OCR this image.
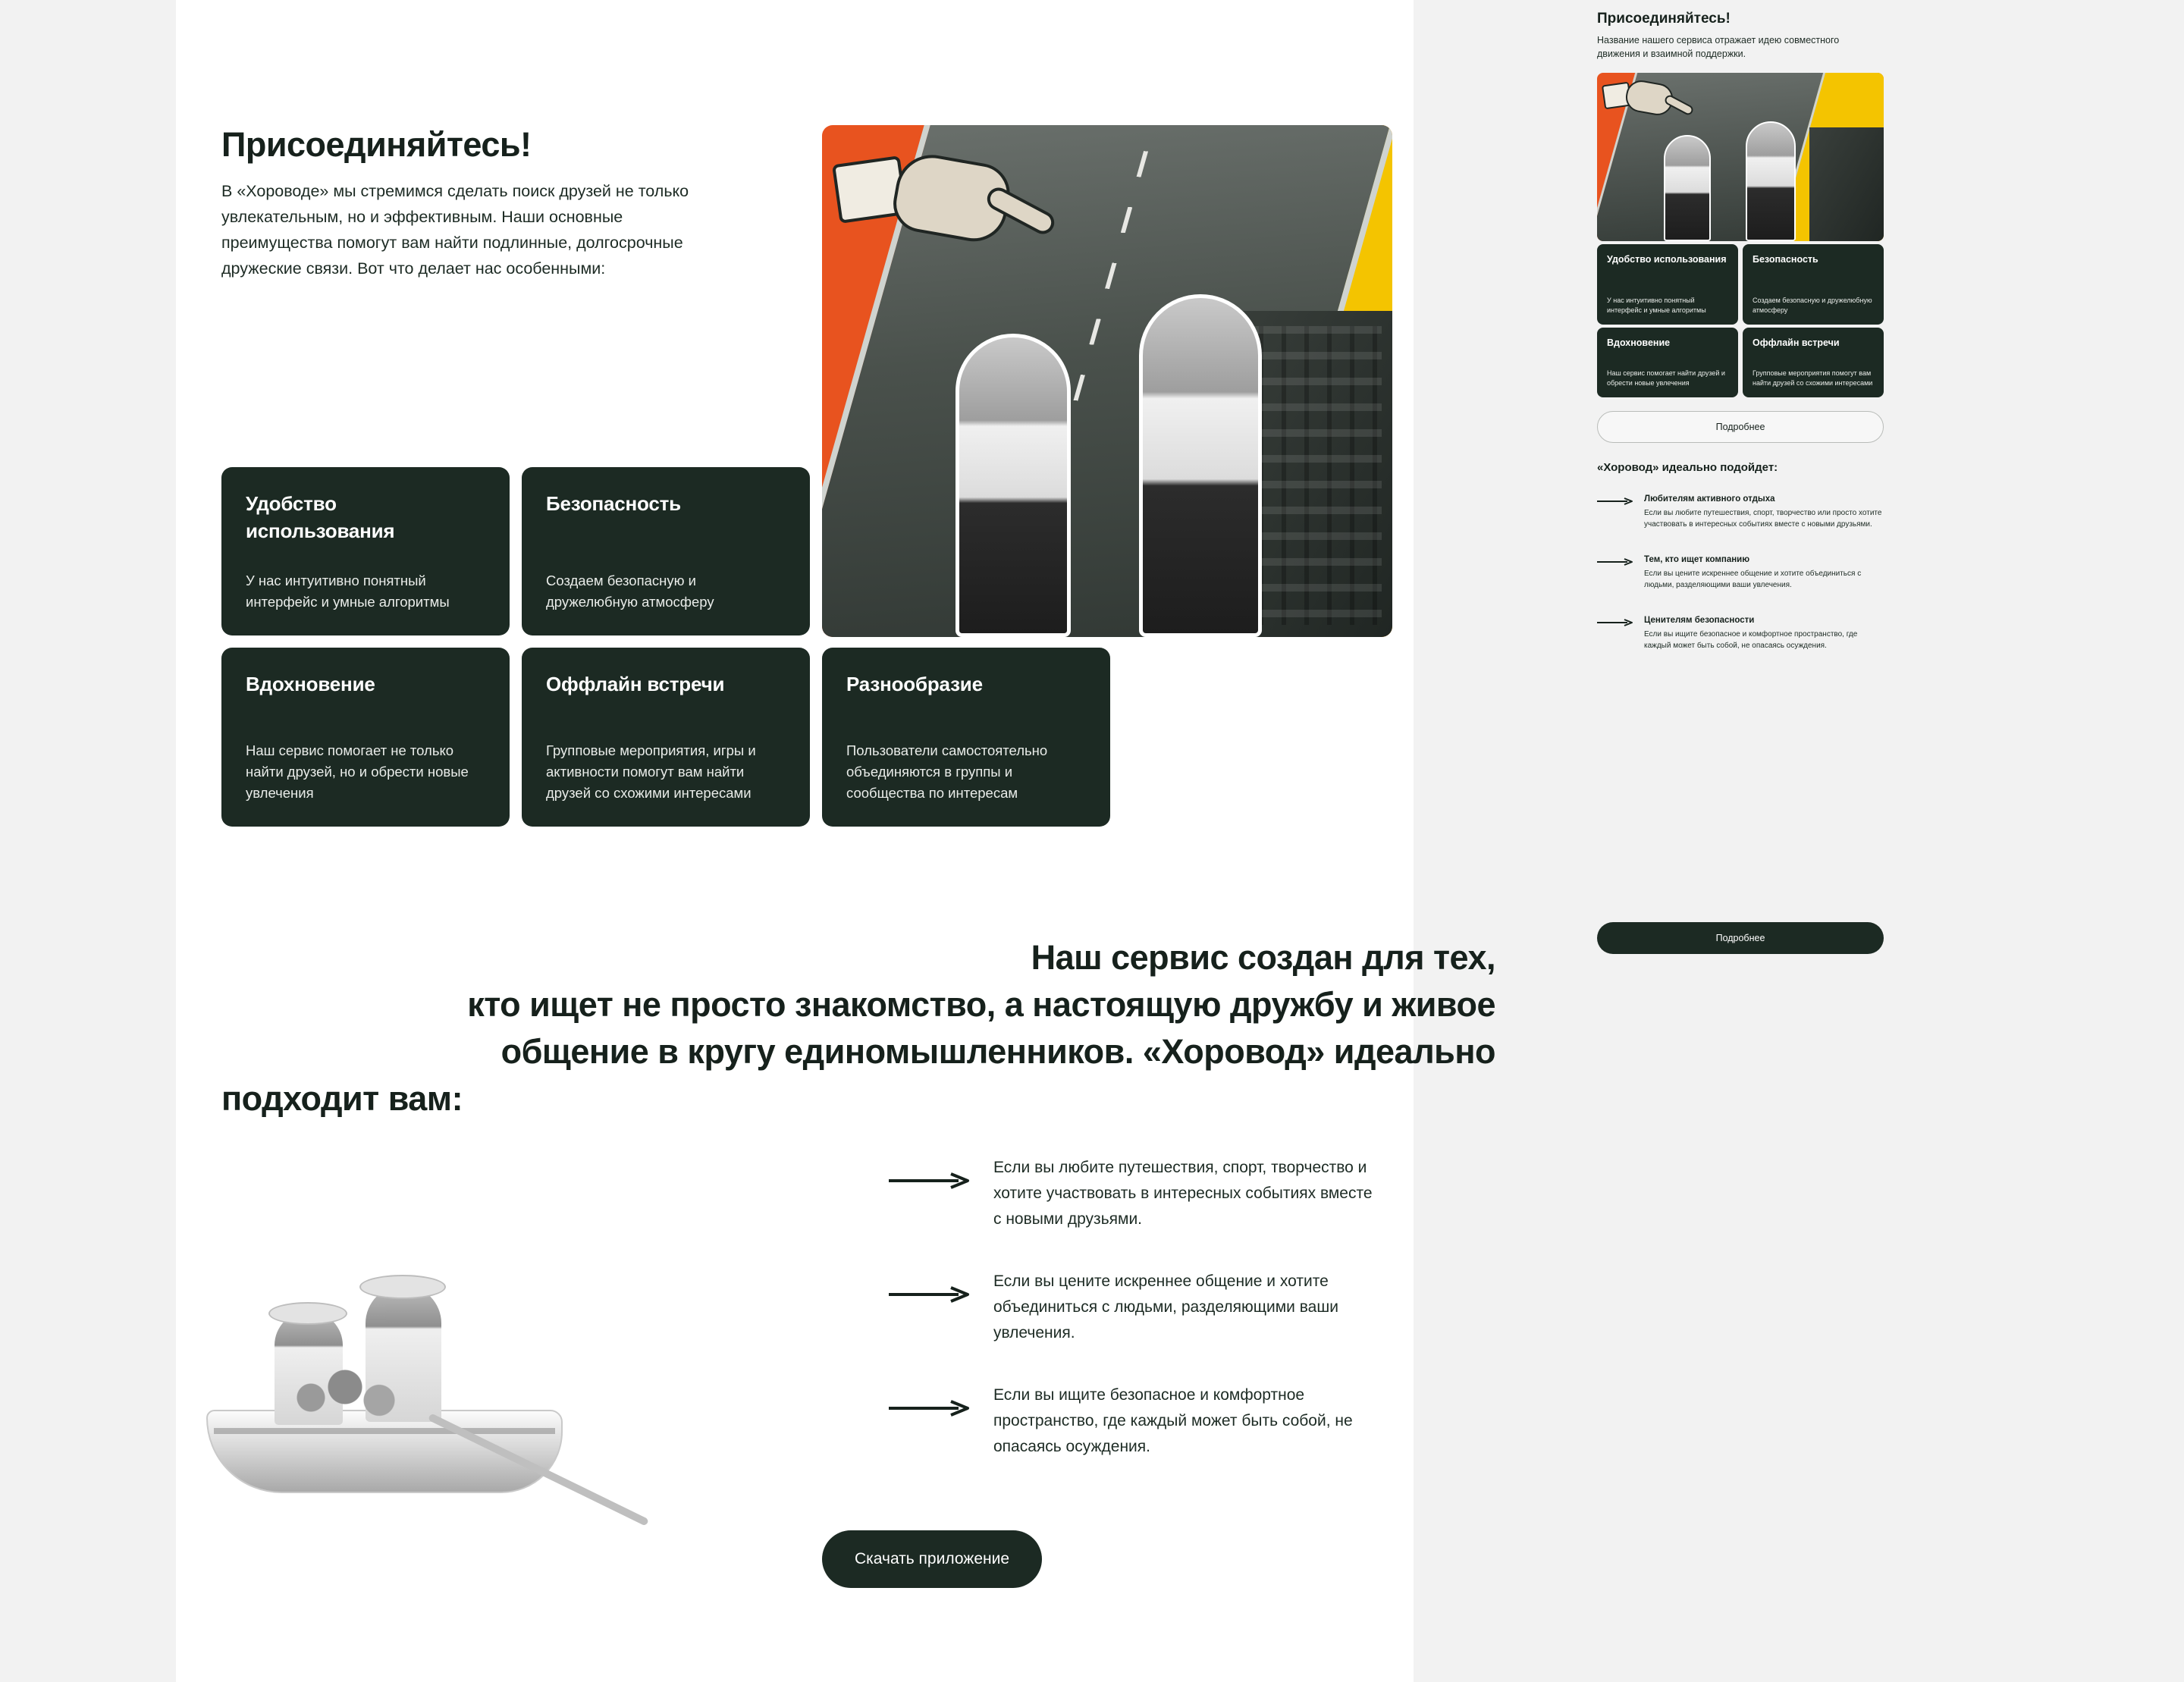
Присоединяйтесь!

В «Хороводе» мы стремимся сделать поиск друзей не только увлекательным, но и эффективным. Наши основные преимущества помогут вам найти подлинные, долгосрочные дружеские связи. Вот что делает нас особенными:

Удобство использования

У нас интуитивно понятный интерфейс и умные алгоритмы

Безопасность

Создаем безопасную и дружелюбную атмосферу

Вдохновение

Наш сервис помогает не только найти друзей, но и обрести новые увлечения

Оффлайн встречи

Групповые мероприятия, игры и активности помогут вам найти друзей со схожими интересами

Разнообразие

Пользователи самостоятельно объединяются в группы и сообщества по интересам

Наш сервис создан для тех,
кто ищет не просто знакомство, а настоящую дружбу и живое
общение в кругу единомышленников. «Хоровод» идеально

подходит вам:

Если вы любите путешествия, спорт, творчество и хотите участвовать в интересных событиях вместе с новыми друзьями.

Если вы цените искреннее общение и хотите объединиться с людьми, разделяющими ваши увлечения.

Если вы ищите безопасное и комфортное пространство, где каждый может быть собой, не опасаясь осуждения.

Скачать приложение
Присоединяйтесь!
Название нашего сервиса отражает идею совместного движения и взаимной поддержки.
Удобство использования

У нас интуитивно понятный интерфейс и умные алгоритмы

Безопасность

Создаем безопасную и дружелюбную атмосферу

Вдохновение

Наш сервис помогает найти друзей и обрести новые увлечения

Оффлайн встречи

Групповые мероприятия помогут вам найти друзей со схожими интересами

Подробнее
«Хоровод» идеально подойдет:
Любителям активного отдыха

Если вы любите путешествия, спорт, творчество или просто хотите участвовать в интересных событиях вместе с новыми друзьями.

Тем, кто ищет компанию

Если вы цените искреннее общение и хотите объединиться с людьми, разделяющими ваши увлечения.

Ценителям безопасности

Если вы ищите безопасное и комфортное пространство, где каждый может быть собой, не опасаясь осуждения.

Подробнее
